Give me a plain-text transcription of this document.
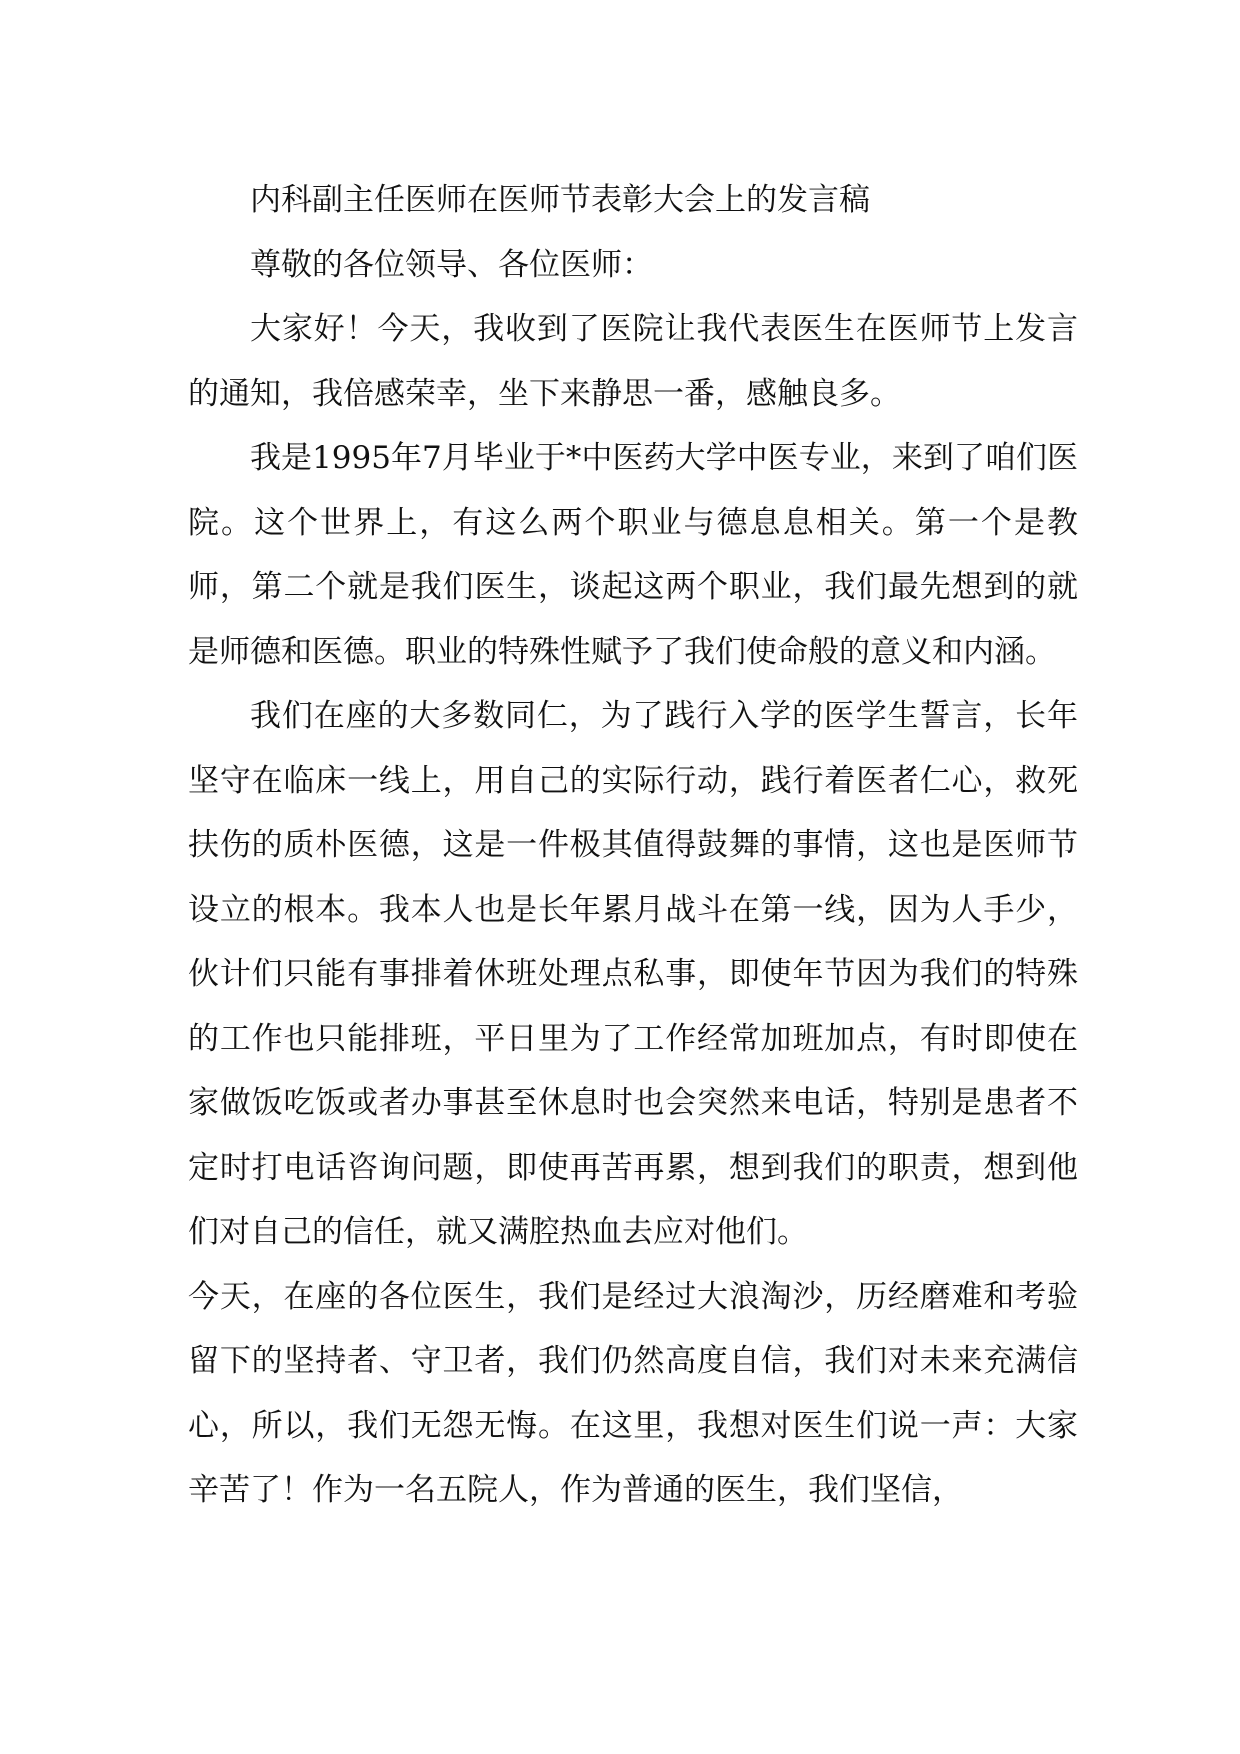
内科副主任医师在医师节表彰大会上的发言稿

尊敬的各位领导、各位医师：

大家好！今天，我收到了医院让我代表医生在医师节上发言的通知，我倍感荣幸，坐下来静思一番，感触良多。

我是1995年7月毕业于*中医药大学中医专业，来到了咱们医院。这个世界上，有这么两个职业与德息息相关。第一个是教师，第二个就是我们医生，谈起这两个职业，我们最先想到的就是师德和医德。职业的特殊性赋予了我们使命般的意义和内涵。

我们在座的大多数同仁，为了践行入学的医学生誓言，长年坚守在临床一线上，用自己的实际行动，践行着医者仁心，救死扶伤的质朴医德，这是一件极其值得鼓舞的事情，这也是医师节设立的根本。我本人也是长年累月战斗在第一线，因为人手少，伙计们只能有事排着休班处理点私事，即使年节因为我们的特殊的工作也只能排班，平日里为了工作经常加班加点，有时即使在家做饭吃饭或者办事甚至休息时也会突然来电话，特别是患者不定时打电话咨询问题，即使再苦再累，想到我们的职责，想到他们对自己的信任，就又满腔热血去应对他们。

今天，在座的各位医生，我们是经过大浪淘沙，历经磨难和考验留下的坚持者、守卫者，我们仍然高度自信，我们对未来充满信心，所以，我们无怨无悔。在这里，我想对医生们说一声：大家辛苦了！作为一名五院人，作为普通的医生，我们坚信，
